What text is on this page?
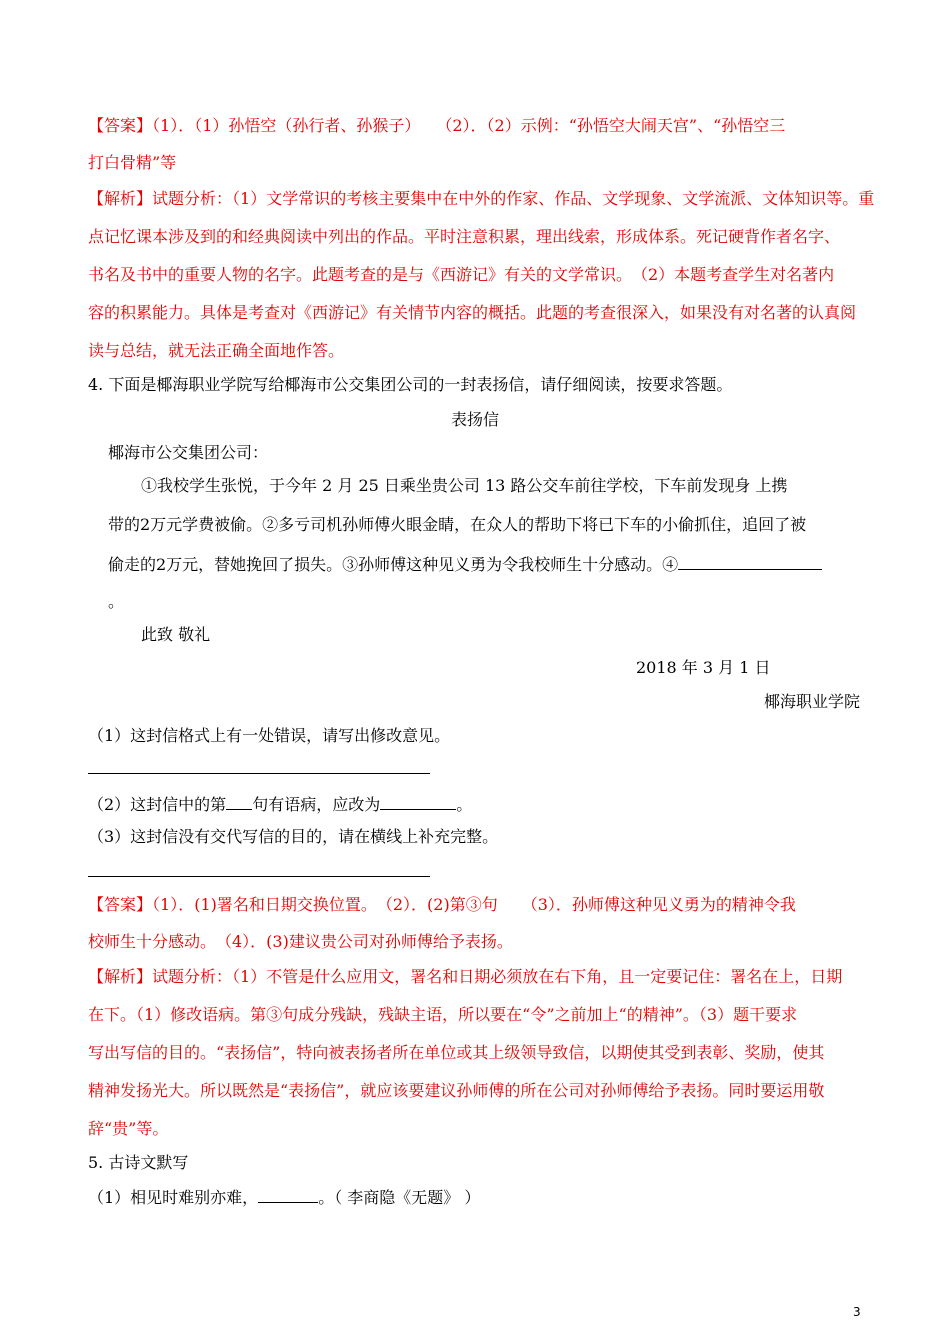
【答案】（1）．（1）孙悟空（孙行者、孙猴子）　　（2）．（2）示例：“孙悟空大闹天宫”、“孙悟空三
打白骨精”等
【解析】试题分析：（1）文学常识的考核主要集中在中外的作家、作品、文学现象、文学流派、文体知识等。重
点记忆课本涉及到的和经典阅读中列出的作品。平时注意积累，理出线索，形成体系。死记硬背作者名字、
书名及书中的重要人物的名字。此题考查的是与《西游记》有关的文学常识。　（2）本题考查学生对名著内
容的积累能力。具体是考查对《西游记》有关情节内容的概括。此题的考查很深入，如果没有对名著的认真阅
读与总结，就无法正确全面地作答。
4. 下面是椰海职业学院写给椰海市公交集团公司的一封表扬信，请仔细阅读，按要求答题。
表扬信
椰海市公交集团公司：
①我校学生张悦，于今年 2 月 25 日乘坐贵公司 13 路公交车前往学校，下车前发现身 上携
带的2万元学费被偷。②多亏司机孙师傅火眼金睛，在众人的帮助下将已下车的小偷抓住，追回了被
偷走的2万元，替她挽回了损失。③孙师傅这种见义勇为令我校师生十分感动。④
。
此致 敬礼
2018 年 3 月 1 日
椰海职业学院
（1）这封信格式上有一处错误，请写出修改意见。
（2）这封信中的第 句有语病，应改为	。
（3）这封信没有交代写信的目的，请在横线上补充完整。
【答案】（1）．(1)署名和日期交换位置。　（2）．(2)第③句　　（3）．孙师傅这种见义勇为的精神令我
校师生十分感动。　（4）．(3)建议贵公司对孙师傅给予表扬。
【解析】试题分析：（1）不管是什么应用文，署名和日期必须放在右下角，且一定要记住：署名在上，日期
在下。（1）修改语病。第③句成分残缺，残缺主语，所以要在“令”之前加上“的精神”。（3）题干要求
写出写信的目的。“表扬信”，特向被表扬者所在单位或其上级领导致信，以期使其受到表彰、奖励，使其
精神发扬光大。所以既然是“表扬信”，就应该要建议孙师傅的所在公司对孙师傅给予表扬。同时要运用敬
辞“贵”等。
5. 古诗文默写
（1）相见时难别亦难，	。（ 李商隐《无题》 ）
3
